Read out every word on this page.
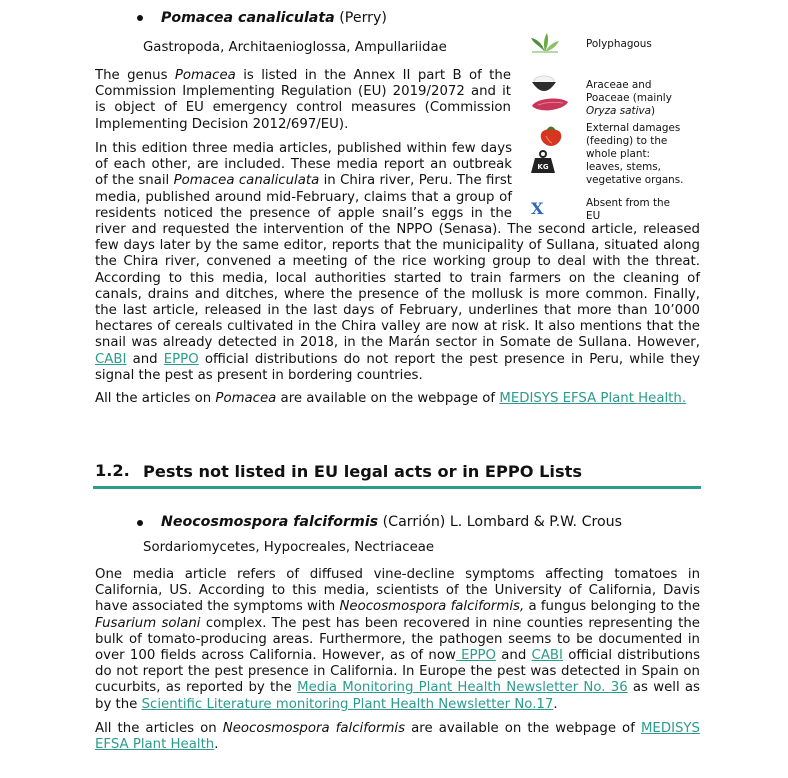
Pomacea canaliculata (Perry)
Gastropoda, Architaenioglossa, Ampullariidae
The genus Pomacea is listed in the Annex II part B of the Commission Implementing Regulation (EU) 2019/2072 and it is object of EU emergency control measures (Commission Implementing Decision 2012/697/EU).
In this edition three media articles, published within few days of each other, are included. These media report an outbreak of the snail Pomacea canaliculata in Chira river, Peru. The first media, published around mid-February, claims that a group of residents noticed the presence of apple snail’s eggs in the river and requested the intervention of the NPPO (Senasa). The second article, released few days later by the same editor, reports that the municipality of Sullana, situated along the Chira river, convened a meeting of the rice working group to deal with the threat. According to this media, local authorities started to train farmers on the cleaning of canals, drains and ditches, where the presence of the mollusk is more common. Finally, the last article, released in the last days of February, underlines that more than 10’000 hectares of cereals cultivated in the Chira valley are now at risk. It also mentions that the snail was already detected in 2018, in the Marán sector in Somate de Sullana. However, CABI and EPPO official distributions do not report the pest presence in Peru, while they signal the pest as present in bordering countries.
All the articles on Pomacea are available on the webpage of MEDISYS EFSA Plant Health.
Polyphagous
Araceae and Poaceae (mainly
Oryza sativa)
KG
External damages (feeding) to the whole plant: leaves, stems, vegetative organs.
X	Absent from the EU
1.2. Pests not listed in EU legal acts or in EPPO Lists
Neocosmospora falciformis (Carrión) L. Lombard & P.W. Crous
Sordariomycetes, Hypocreales, Nectriaceae
One media article refers of diffused vine-decline symptoms affecting tomatoes in California, US. According to this media, scientists of the University of California, Davis have associated the symptoms with Neocosmospora falciformis, a fungus belonging to the Fusarium solani complex. The pest has been recovered in nine counties representing the bulk of tomato-producing areas. Furthermore, the pathogen seems to be documented in over 100 fields across California. However, as of now EPPO and CABI official distributions do not report the pest presence in California. In Europe the pest was detected in Spain on cucurbits, as reported by the Media Monitoring Plant Health Newsletter No. 36 as well as by the Scientific Literature monitoring Plant Health Newsletter No.17.
All the articles on Neocosmospora falciformis are available on the webpage of MEDISYS EFSA Plant Health.
